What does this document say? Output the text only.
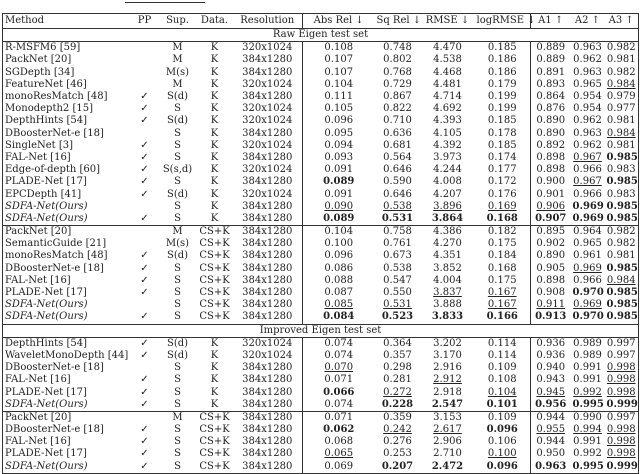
Method	PP	Sup.	Data.	Resolution	Abs Rel ↓	Sq Rel ↓	RMSE ↓	logRMSE ↓	A1 ↑	A2 ↑	A3 ↑
Raw Eigen test set											
R-MSFM6 [59]		M	K	320x1024	0.108	0.748	4.470	0.185	0.889	0.963	0.982
PackNet [20]		M	K	384x1280	0.107	0.802	4.538	0.186	0.889	0.962	0.981
SGDepth [34]		M(s)	K	384x1280	0.107	0.768	4.468	0.186	0.891	0.963	0.982
FeatureNet [46]		M	K	320x1024	0.104	0.729	4.481	0.179	0.893	0.965	0.984
monoResMatch [48]	✓	S(d)	K	384x1280	0.111	0.867	4.714	0.199	0.864	0.954	0.979
Monodepth2 [15]	✓	S	K	320x1024	0.105	0.822	4.692	0.199	0.876	0.954	0.977
DepthHints [54]	✓	S(d)	K	320x1024	0.096	0.710	4.393	0.185	0.890	0.962	0.981
DBoosterNet-e [18]		S	K	384x1280	0.095	0.636	4.105	0.178	0.890	0.963	0.984
SingleNet [3]	✓	S	K	320x1024	0.094	0.681	4.392	0.185	0.892	0.962	0.981
FAL-Net [16]	✓	S	K	384x1280	0.093	0.564	3.973	0.174	0.898	0.967	0.985
Edge-of-depth [60]	✓	S(s,d)	K	320x1024	0.091	0.646	4.244	0.177	0.898	0.966	0.983
PLADE-Net [17]	✓	S	K	384x1280	0.089	0.590	4.008	0.172	0.900	0.967	0.985
EPCDepth [41]	✓	S(d)	K	320x1024	0.091	0.646	4.207	0.176	0.901	0.966	0.983
SDFA-Net(Ours)		S	K	384x1280	0.090	0.538	3.896	0.169	0.906	0.969	0.985
SDFA-Net(Ours)	✓	S	K	384x1280	0.089	0.531	3.864	0.168	0.907	0.969	0.985
PackNet [20]		M	CS+K	384x1280	0.104	0.758	4.386	0.182	0.895	0.964	0.982
SemanticGuide [21]		M(s)	CS+K	384x1280	0.100	0.761	4.270	0.175	0.902	0.965	0.982
monoResMatch [48]	✓	S(d)	CS+K	384x1280	0.096	0.673	4.351	0.184	0.890	0.961	0.981
DBoosterNet-e [18]	✓	S	CS+K	384x1280	0.086	0.538	3.852	0.168	0.905	0.969	0.985
FAL-Net [16]	✓	S	CS+K	384x1280	0.088	0.547	4.004	0.175	0.898	0.966	0.984
PLADE-Net [17]	✓	S	CS+K	384x1280	0.087	0.550	3.837	0.167	0.908	0.970	0.985
SDFA-Net(Ours)		S	CS+K	384x1280	0.085	0.531	3.888	0.167	0.911	0.969	0.985
SDFA-Net(Ours)	✓	S	CS+K	384x1280	0.084	0.523	3.833	0.166	0.913	0.970	0.985
Improved Eigen test set											
DepthHints [54]	✓	S(d)	K	320x1024	0.074	0.364	3.202	0.114	0.936	0.989	0.997
WaveletMonoDepth [44]	✓	S(d)	K	320x1024	0.074	0.357	3.170	0.114	0.936	0.989	0.997
DBoosterNet-e [18]		S	K	384x1280	0.070	0.298	2.916	0.109	0.940	0.991	0.998
FAL-Net [16]	✓	S	K	384x1280	0.071	0.281	2.912	0.108	0.943	0.991	0.998
PLADE-Net [17]	✓	S	K	384x1280	0.066	0.272	2.918	0.104	0.945	0.992	0.998
SDFA-Net(Ours)	✓	S	K	384x1280	0.074	0.228	2.547	0.101	0.956	0.995	0.999
PackNet [20]		M	CS+K	384x1280	0.071	0.359	3.153	0.109	0.944	0.990	0.997
DBoosterNet-e [18]	✓	S	CS+K	384x1280	0.062	0.242	2.617	0.096	0.955	0.994	0.998
FAL-Net [16]	✓	S	CS+K	384x1280	0.068	0.276	2.906	0.106	0.944	0.991	0.998
PLADE-Net [17]	✓	S	CS+K	384x1280	0.065	0.253	2.710	0.100	0.950	0.992	0.998
SDFA-Net(Ours)	✓	S	CS+K	384x1280	0.069	0.207	2.472	0.096	0.963	0.995	0.999
